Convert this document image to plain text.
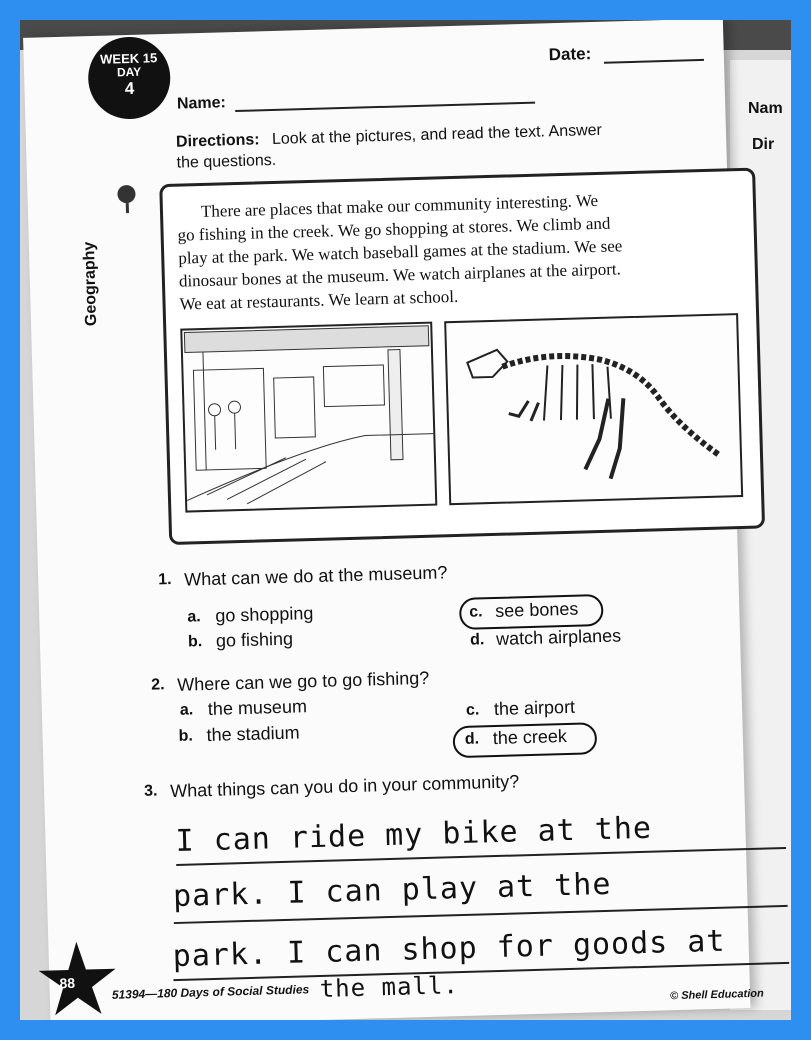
Nam
Dir
WEEK 15
DAY
4
Date:
Name:
Directions: Look at the pictures, and read the text. Answer
the questions.
Geography
There are places that make our community interesting. We
go fishing in the creek. We go shopping at stores. We climb and
play at the park. We watch baseball games at the stadium. We see
dinosaur bones at the museum. We watch airplanes at the airport.
We eat at restaurants. We learn at school.
1. What can we do at the museum?
a. go shopping
b. go fishing
c. see bones
d. watch airplanes
2. Where can we go to go fishing?
a. the museum
b. the stadium
c. the airport
d. the creek
3. What things can you do in your community?
I can ride my bike at the
park. I can play at the
park. I can shop for goods at
the mall.
88	51394—180 Days of Social Studies	© Shell Education
